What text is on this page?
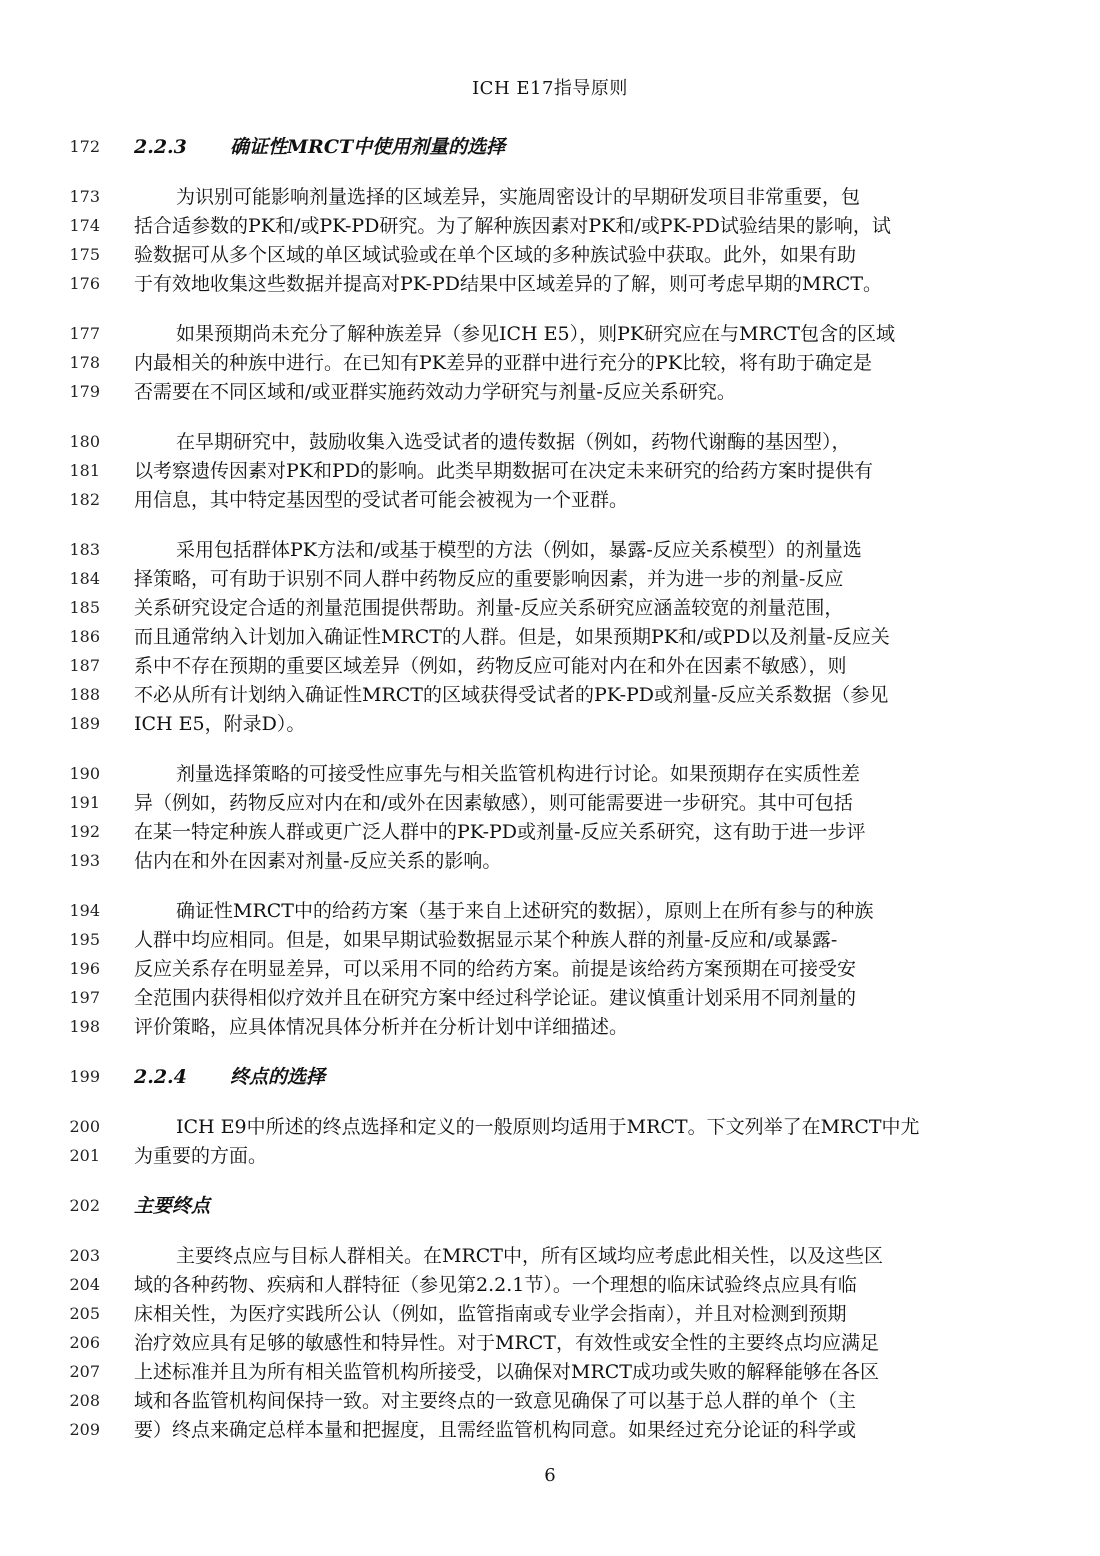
ICH E17指导原则
172 2.2.3 确证性MRCT中使用剂量的选择
173	为识别可能影响剂量选择的区域差异，实施周密设计的早期研发项目非常重要，包
174 括合适参数的PK和/或PK-PD研究。为了解种族因素对PK和/或PK-PD试验结果的影响，试
175 验数据可从多个区域的单区域试验或在单个区域的多种族试验中获取。此外，如果有助
176 于有效地收集这些数据并提高对PK-PD结果中区域差异的了解，则可考虑早期的MRCT。
177	如果预期尚未充分了解种族差异（参见ICH E5），则PK研究应在与MRCT包含的区域
178 内最相关的种族中进行。在已知有PK差异的亚群中进行充分的PK比较，将有助于确定是
179 否需要在不同区域和/或亚群实施药效动力学研究与剂量-反应关系研究。
180	在早期研究中，鼓励收集入选受试者的遗传数据（例如，药物代谢酶的基因型），
181 以考察遗传因素对PK和PD的影响。此类早期数据可在决定未来研究的给药方案时提供有
182 用信息，其中特定基因型的受试者可能会被视为一个亚群。
183	采用包括群体PK方法和/或基于模型的方法（例如，暴露-反应关系模型）的剂量选
184 择策略，可有助于识别不同人群中药物反应的重要影响因素，并为进一步的剂量-反应
185 关系研究设定合适的剂量范围提供帮助。剂量-反应关系研究应涵盖较宽的剂量范围，
186 而且通常纳入计划加入确证性MRCT的人群。但是，如果预期PK和/或PD以及剂量-反应关
187 系中不存在预期的重要区域差异（例如，药物反应可能对内在和外在因素不敏感），则
188 不必从所有计划纳入确证性MRCT的区域获得受试者的PK-PD或剂量-反应关系数据（参见
189 ICH E5，附录D）。
190	剂量选择策略的可接受性应事先与相关监管机构进行讨论。如果预期存在实质性差
191 异（例如，药物反应对内在和/或外在因素敏感），则可能需要进一步研究。其中可包括
192 在某一特定种族人群或更广泛人群中的PK-PD或剂量-反应关系研究，这有助于进一步评
193 估内在和外在因素对剂量-反应关系的影响。
194	确证性MRCT中的给药方案（基于来自上述研究的数据），原则上在所有参与的种族
195 人群中均应相同。但是，如果早期试验数据显示某个种族人群的剂量-反应和/或暴露-
196 反应关系存在明显差异，可以采用不同的给药方案。前提是该给药方案预期在可接受安
197 全范围内获得相似疗效并且在研究方案中经过科学论证。建议慎重计划采用不同剂量的
198 评价策略，应具体情况具体分析并在分析计划中详细描述。
199 2.2.4 终点的选择
200	ICH E9中所述的终点选择和定义的一般原则均适用于MRCT。下文列举了在MRCT中尤
201 为重要的方面。
202 主要终点
203	主要终点应与目标人群相关。在MRCT中，所有区域均应考虑此相关性，以及这些区
204 域的各种药物、疾病和人群特征（参见第2.2.1节）。一个理想的临床试验终点应具有临
205 床相关性，为医疗实践所公认（例如，监管指南或专业学会指南），并且对检测到预期
206 治疗效应具有足够的敏感性和特异性。对于MRCT，有效性或安全性的主要终点均应满足
207 上述标准并且为所有相关监管机构所接受，以确保对MRCT成功或失败的解释能够在各区
208 域和各监管机构间保持一致。对主要终点的一致意见确保了可以基于总人群的单个（主
209 要）终点来确定总样本量和把握度，且需经监管机构同意。如果经过充分论证的科学或
6
